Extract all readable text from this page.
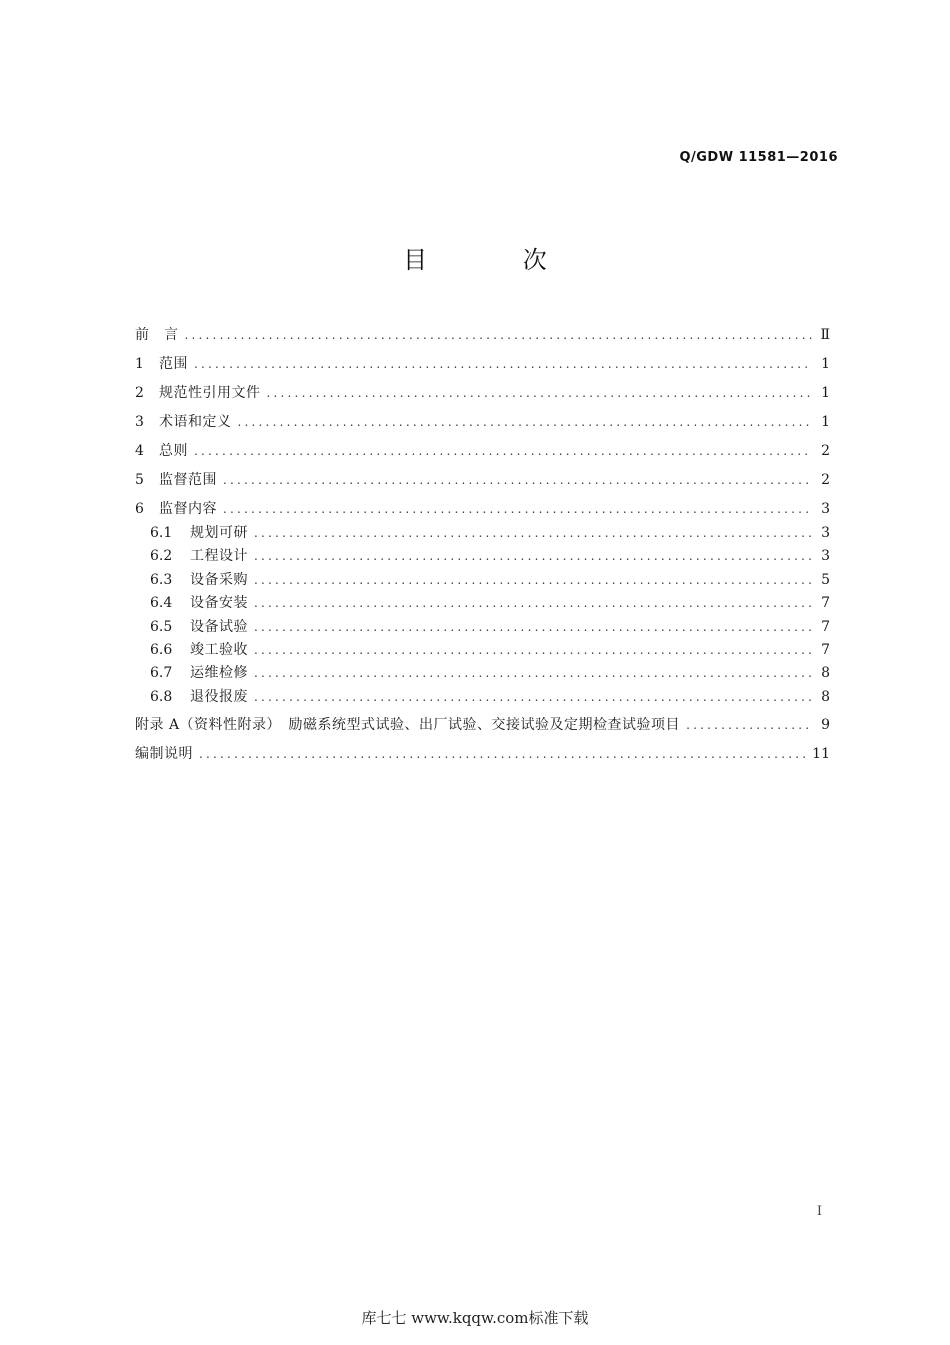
Q/GDW 11581—2016
目 次
前　言 .....	Ⅱ
1	范围 .....	1
2	规范性引用文件 .....	1
3	术语和定义 .....	1
4	总则 .....	2
5	监督范围 .....	2
6	监督内容 .....	3
6.1	规划可研 .....	3
6.2	工程设计 .....	3
6.3	设备采购 .....	5
6.4	设备安装 .....	7
6.5	设备试验 .....	7
6.6	竣工验收 .....	7
6.7	运维检修 .....	8
6.8	退役报废 .....	8
附录 A（资料性附录）　励磁系统型式试验、出厂试验、交接试验及定期检查试验项目 .....	9
编制说明 .....	11
I
库七七 www.kqqw.com标准下载
